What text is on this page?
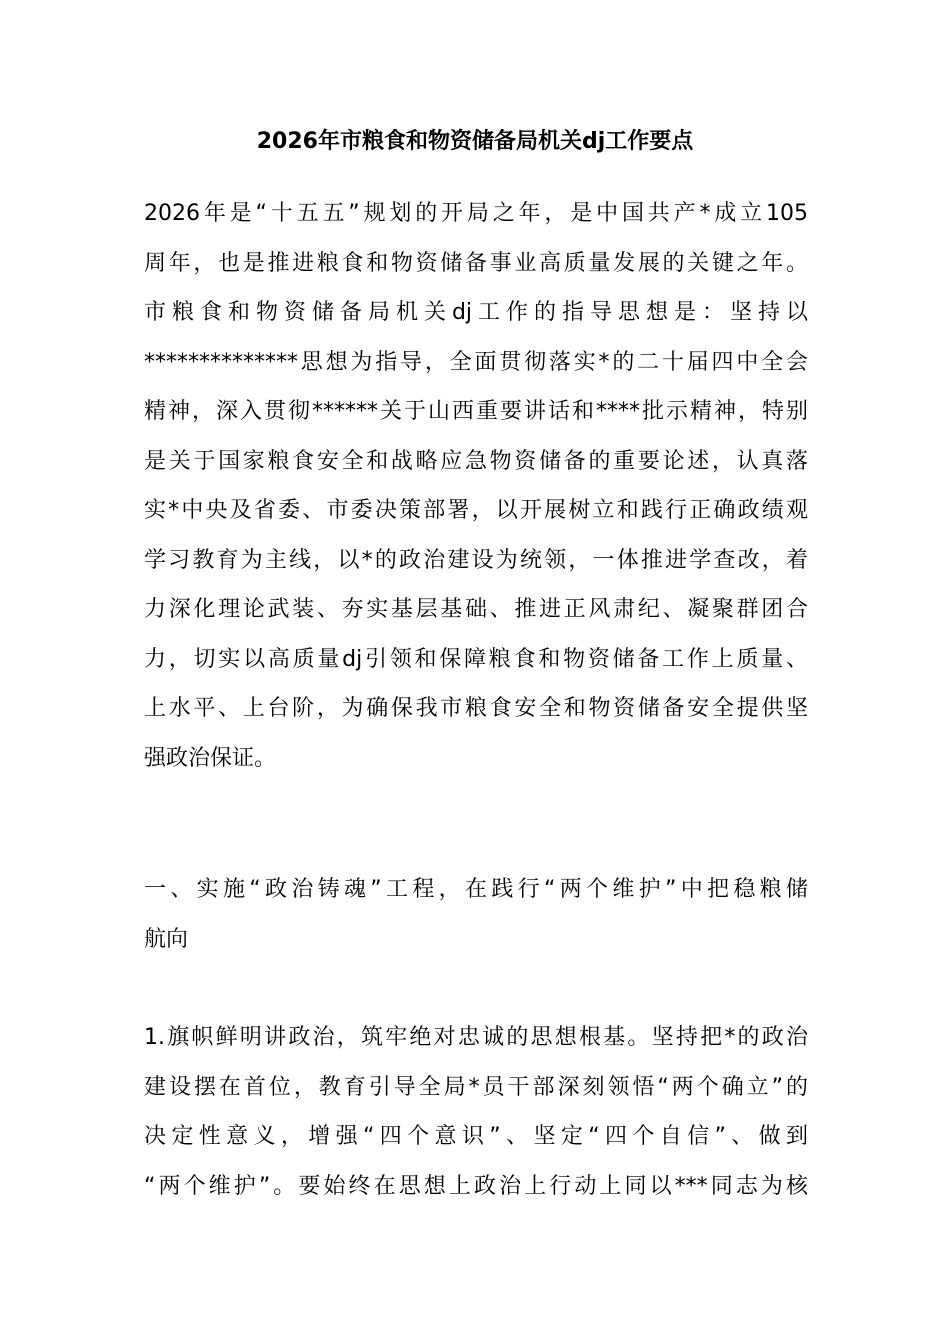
2026年市粮食和物资储备局机关dj工作要点
2026年是“十五五”规划的开局之年，是中国共产*成立105
周年，也是推进粮食和物资储备事业高质量发展的关键之年。
市粮食和物资储备局机关dj工作的指导思想是：坚持以
**************思想为指导，全面贯彻落实*的二十届四中全会
精神，深入贯彻******关于山西重要讲话和****批示精神，特别
是关于国家粮食安全和战略应急物资储备的重要论述，认真落
实*中央及省委、市委决策部署，以开展树立和践行正确政绩观
学习教育为主线，以*的政治建设为统领，一体推进学查改，着
力深化理论武装、夯实基层基础、推进正风肃纪、凝聚群团合
力，切实以高质量dj引领和保障粮食和物资储备工作上质量、
上水平、上台阶，为确保我市粮食安全和物资储备安全提供坚
强政治保证。
一、实施“政治铸魂”工程，在践行“两个维护”中把稳粮储
航向
1.旗帜鲜明讲政治，筑牢绝对忠诚的思想根基。坚持把*的政治
建设摆在首位，教育引导全局*员干部深刻领悟“两个确立”的
决定性意义，增强“四个意识”、坚定“四个自信”、做到
“两个维护”。要始终在思想上政治上行动上同以***同志为核
